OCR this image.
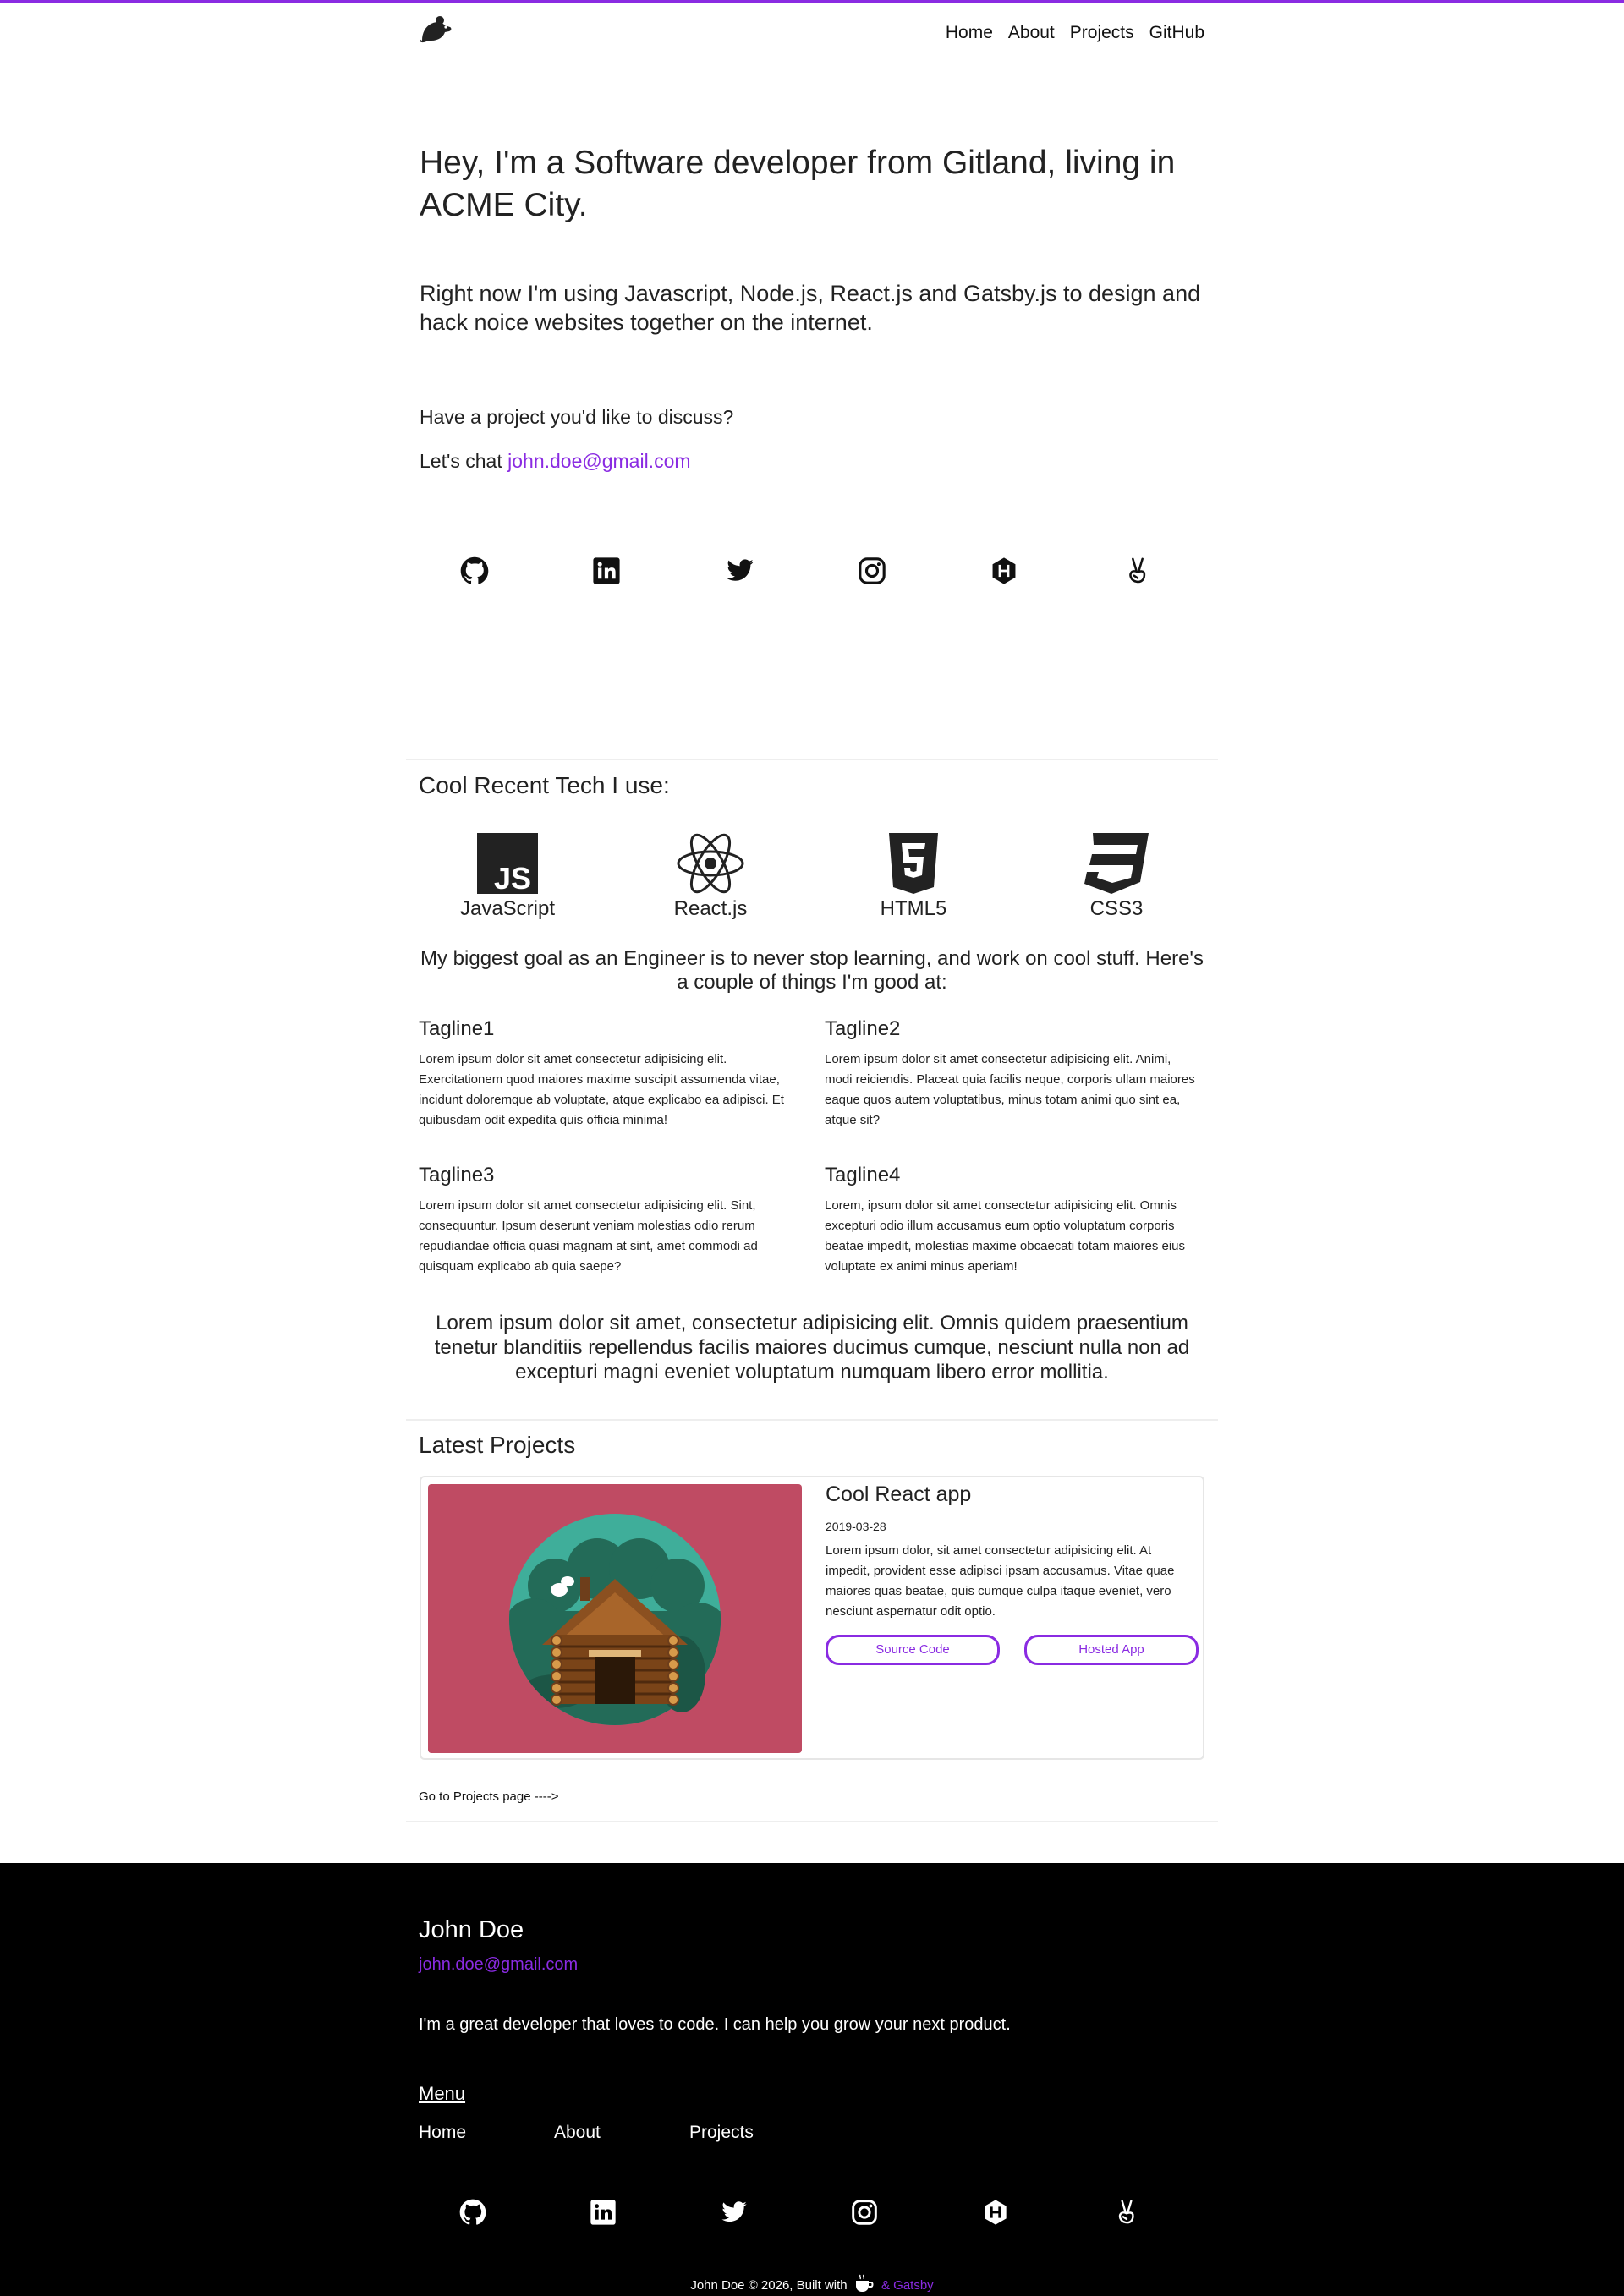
Home About Projects GitHub
Hey, I'm a Software developer from Gitland, living in ACME City.

Right now I'm using Javascript, Node.js, React.js and Gatsby.js to design and hack noice websites together on the internet.

Have a project you'd like to discuss?

Let's chat john.doe@gmail.com

Cool Recent Tech I use:
JS
JavaScript	React.js	HTML5	CSS3

My biggest goal as an Engineer is to never stop learning, and work on cool stuff. Here's a couple of things I'm good at:

Tagline1

Lorem ipsum dolor sit amet consectetur adipisicing elit. Exercitationem quod maiores maxime suscipit assumenda vitae, incidunt doloremque ab voluptate, atque explicabo ea adipisci. Et quibusdam odit expedita quis officia minima!

Tagline2

Lorem ipsum dolor sit amet consectetur adipisicing elit. Animi, modi reiciendis. Placeat quia facilis neque, corporis ullam maiores eaque quos autem voluptatibus, minus totam animi quo sint ea, atque sit?

Tagline3

Lorem ipsum dolor sit amet consectetur adipisicing elit. Sint, consequuntur. Ipsum deserunt veniam molestias odio rerum repudiandae officia quasi magnam at sint, amet commodi ad quisquam explicabo ab quia saepe?

Tagline4

Lorem, ipsum dolor sit amet consectetur adipisicing elit. Omnis excepturi odio illum accusamus eum optio voluptatum corporis beatae impedit, molestias maxime obcaecati totam maiores eius voluptate ex animi minus aperiam!

Lorem ipsum dolor sit amet, consectetur adipisicing elit. Omnis quidem praesentium tenetur blanditiis repellendus facilis maiores ducimus cumque, nesciunt nulla non ad excepturi magni eveniet voluptatum numquam libero error mollitia.

Latest Projects
Cool React app
2019-03-28

Lorem ipsum dolor, sit amet consectetur adipisicing elit. At impedit, provident esse adipisci ipsam accusamus. Vitae quae maiores quas beatae, quis cumque culpa itaque eveniet, vero nesciunt aspernatur odit optio.

Source Code	Hosted App
Go to Projects page ---->
John Doe
john.doe@gmail.com

I'm a great developer that loves to code. I can help you grow your next product.

Menu
Home	About	Projects
John Doe © 2026, Built with	& Gatsby
